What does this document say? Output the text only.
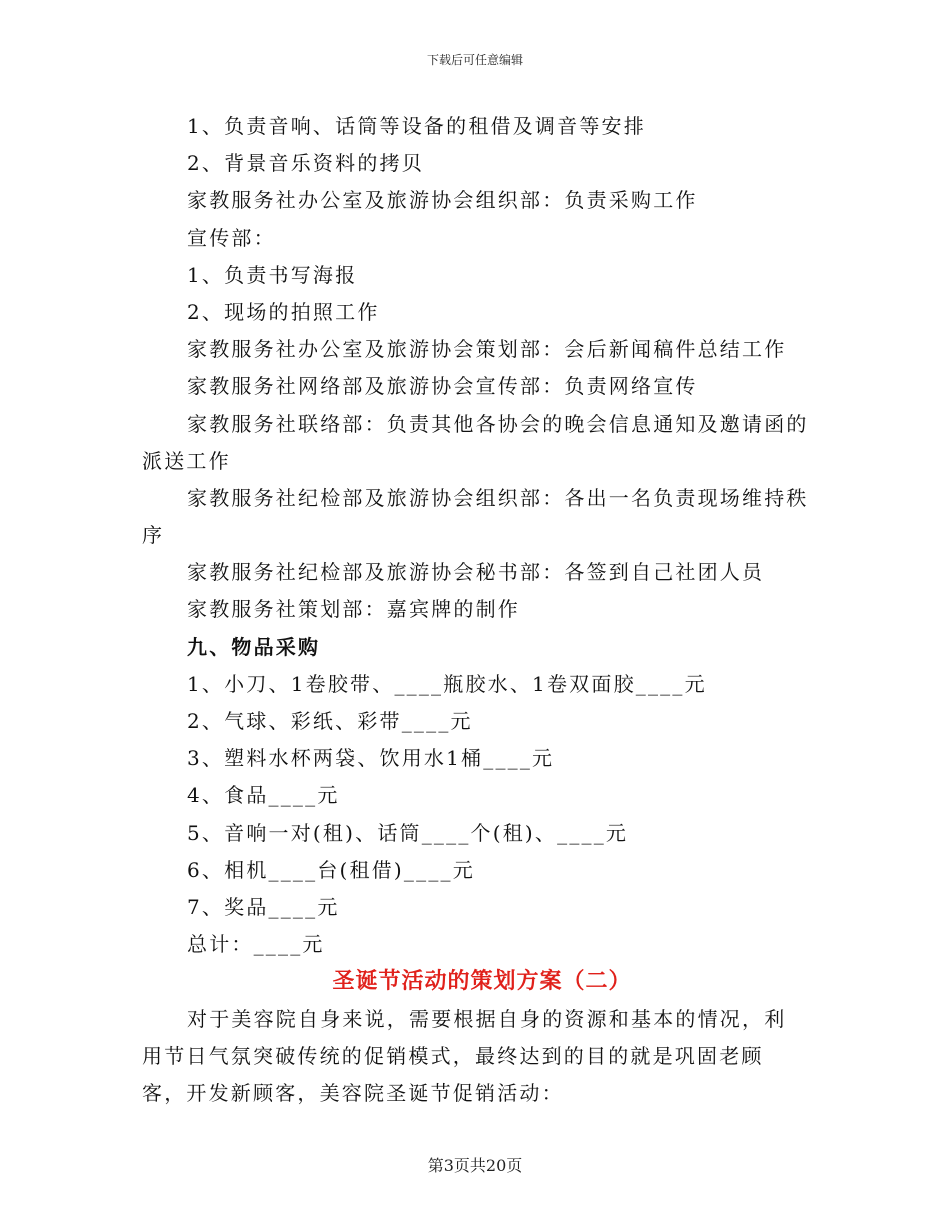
下载后可任意编辑
1、负责音响、话筒等设备的租借及调音等安排
2、背景音乐资料的拷贝
家教服务社办公室及旅游协会组织部：负责采购工作
宣传部：
1、负责书写海报
2、现场的拍照工作
家教服务社办公室及旅游协会策划部：会后新闻稿件总结工作
家教服务社网络部及旅游协会宣传部：负责网络宣传
家教服务社联络部：负责其他各协会的晚会信息通知及邀请函的
派送工作
家教服务社纪检部及旅游协会组织部：各出一名负责现场维持秩
序
家教服务社纪检部及旅游协会秘书部：各签到自己社团人员
家教服务社策划部：嘉宾牌的制作
九、物品采购
1、小刀、1卷胶带、____瓶胶水、1卷双面胶____元
2、气球、彩纸、彩带____元
3、塑料水杯两袋、饮用水1桶____元
4、食品____元
5、音响一对(租)、话筒____个(租)、____元
6、相机____台(租借)____元
7、奖品____元
总计：____元
圣诞节活动的策划方案（二）

对于美容院自身来说，需要根据自身的资源和基本的情况，利用节日气氛突破传统的促销模式，最终达到的目的就是巩固老顾客，开发新顾客，美容院圣诞节促销活动：

第3页共20页
